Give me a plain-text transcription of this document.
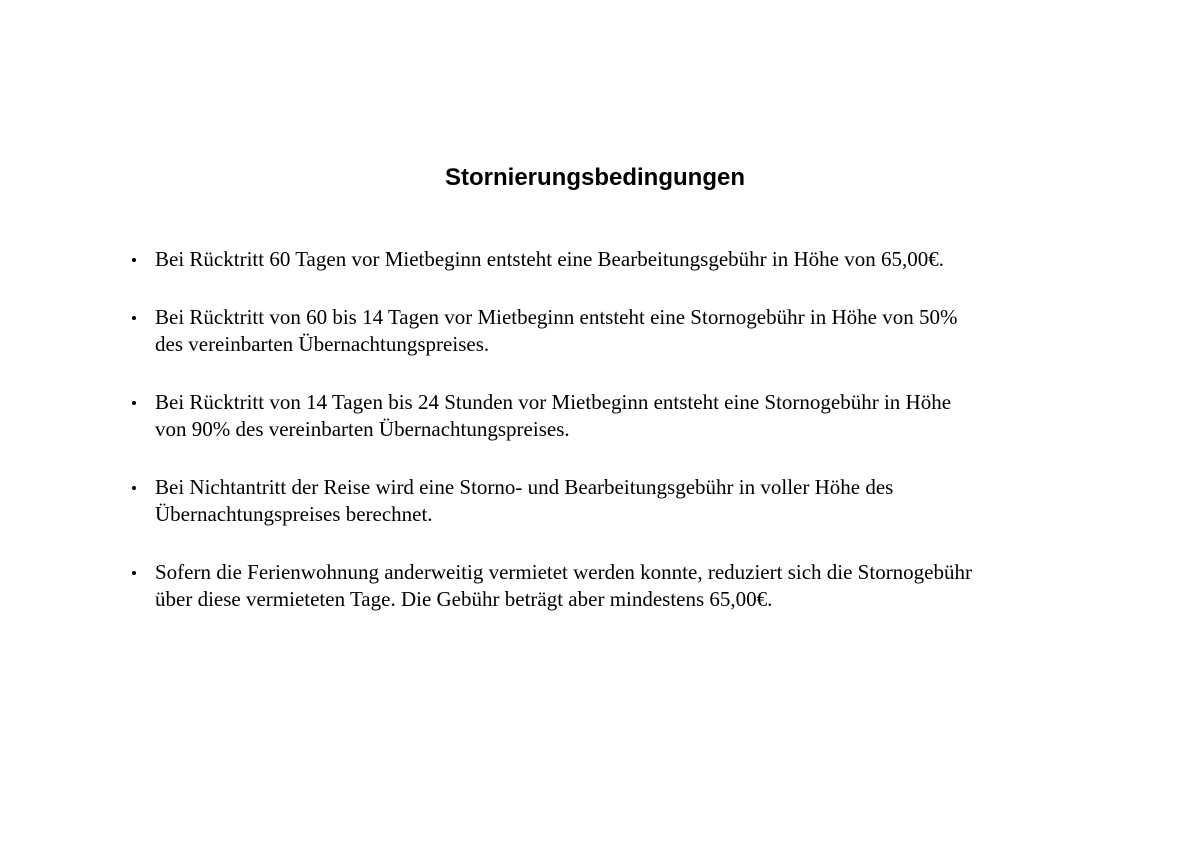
Stornierungsbedingungen
Bei Rücktritt 60 Tagen vor Mietbeginn entsteht eine Bearbeitungsgebühr in Höhe von 65,00€.
Bei Rücktritt von 60 bis 14 Tagen vor Mietbeginn entsteht eine Stornogebühr in Höhe von 50%
des vereinbarten Übernachtungspreises.
Bei Rücktritt von 14 Tagen bis 24 Stunden vor Mietbeginn entsteht eine Stornogebühr in Höhe
von 90% des vereinbarten Übernachtungspreises.
Bei Nichtantritt der Reise wird eine Storno- und Bearbeitungsgebühr in voller Höhe des
Übernachtungspreises berechnet.
Sofern die Ferienwohnung anderweitig vermietet werden konnte, reduziert sich die Stornogebühr
über diese vermieteten Tage. Die Gebühr beträgt aber mindestens 65,00€.
